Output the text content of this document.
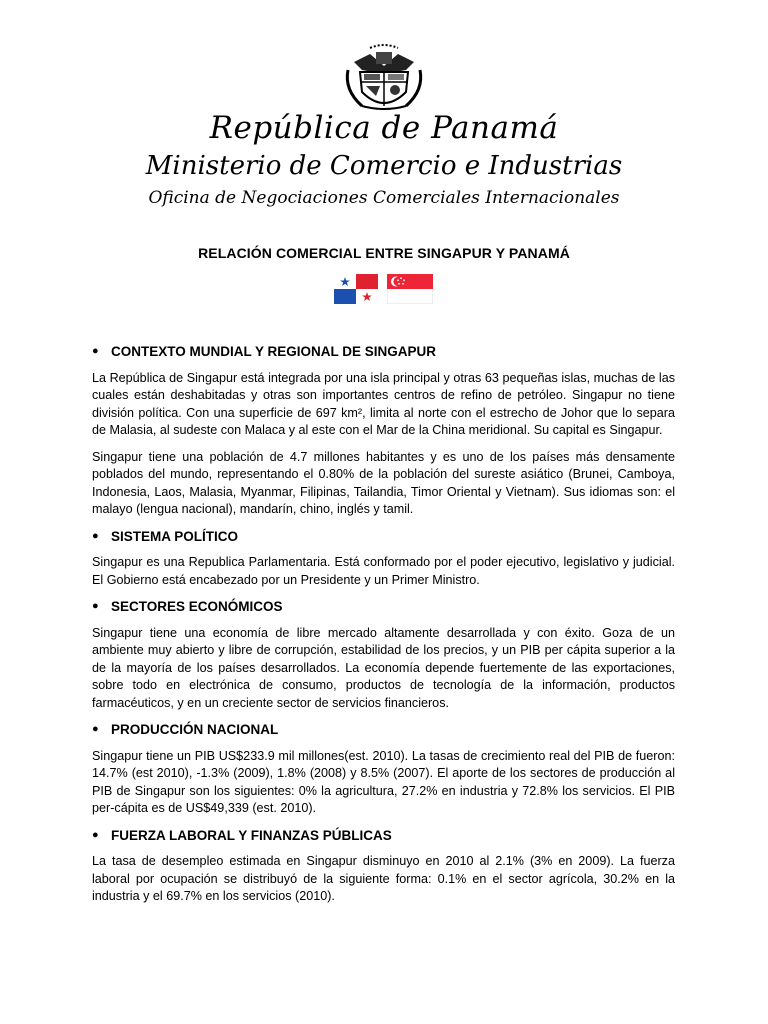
República de Panamá
Ministerio de Comercio e Industrias
Oficina de Negociaciones Comerciales Internacionales
RELACIÓN COMERCIAL ENTRE SINGAPUR Y PANAMÁ
● CONTEXTO MUNDIAL Y REGIONAL DE SINGAPUR

La República de Singapur está integrada por una isla principal y otras 63 pequeñas islas, muchas de las cuales están deshabitadas y otras son importantes centros de refino de petróleo. Singapur no tiene división política. Con una superficie de 697 km², limita al norte con el estrecho de Johor que lo separa de Malasia, al sudeste con Malaca y al este con el Mar de la China meridional. Su capital es Singapur.

Singapur tiene una población de 4.7 millones habitantes y es uno de los países más densamente poblados del mundo, representando el 0.80% de la población del sureste asiático (Brunei, Camboya, Indonesia, Laos, Malasia, Myanmar, Filipinas, Tailandia, Timor Oriental y Vietnam). Sus idiomas son: el malayo (lengua nacional), mandarín, chino, inglés y tamil.

● SISTEMA POLÍTICO

Singapur es una Republica Parlamentaria. Está conformado por el poder ejecutivo, legislativo y judicial. El Gobierno está encabezado por un Presidente y un Primer Ministro.

● SECTORES ECONÓMICOS

Singapur tiene una economía de libre mercado altamente desarrollada y con éxito. Goza de un ambiente muy abierto y libre de corrupción, estabilidad de los precios, y un PIB per cápita superior a la de la mayoría de los países desarrollados. La economía depende fuertemente de las exportaciones, sobre todo en electrónica de consumo, productos de tecnología de la información, productos farmacéuticos, y en un creciente sector de servicios financieros.

● PRODUCCIÓN NACIONAL

Singapur tiene un PIB US$233.9 mil millones(est. 2010). La tasas de crecimiento real del PIB de fueron: 14.7% (est 2010), -1.3% (2009), 1.8% (2008) y 8.5% (2007). El aporte de los sectores de producción al PIB de Singapur son los siguientes: 0% la agricultura, 27.2% en industria y 72.8% los servicios. El PIB per-cápita es de US$49,339 (est. 2010).

● FUERZA LABORAL Y FINANZAS PÚBLICAS

La tasa de desempleo estimada en Singapur disminuyo en 2010 al 2.1% (3% en 2009). La fuerza laboral por ocupación se distribuyó de la siguiente forma: 0.1% en el sector agrícola, 30.2% en la industria y el 69.7% en los servicios (2010).
